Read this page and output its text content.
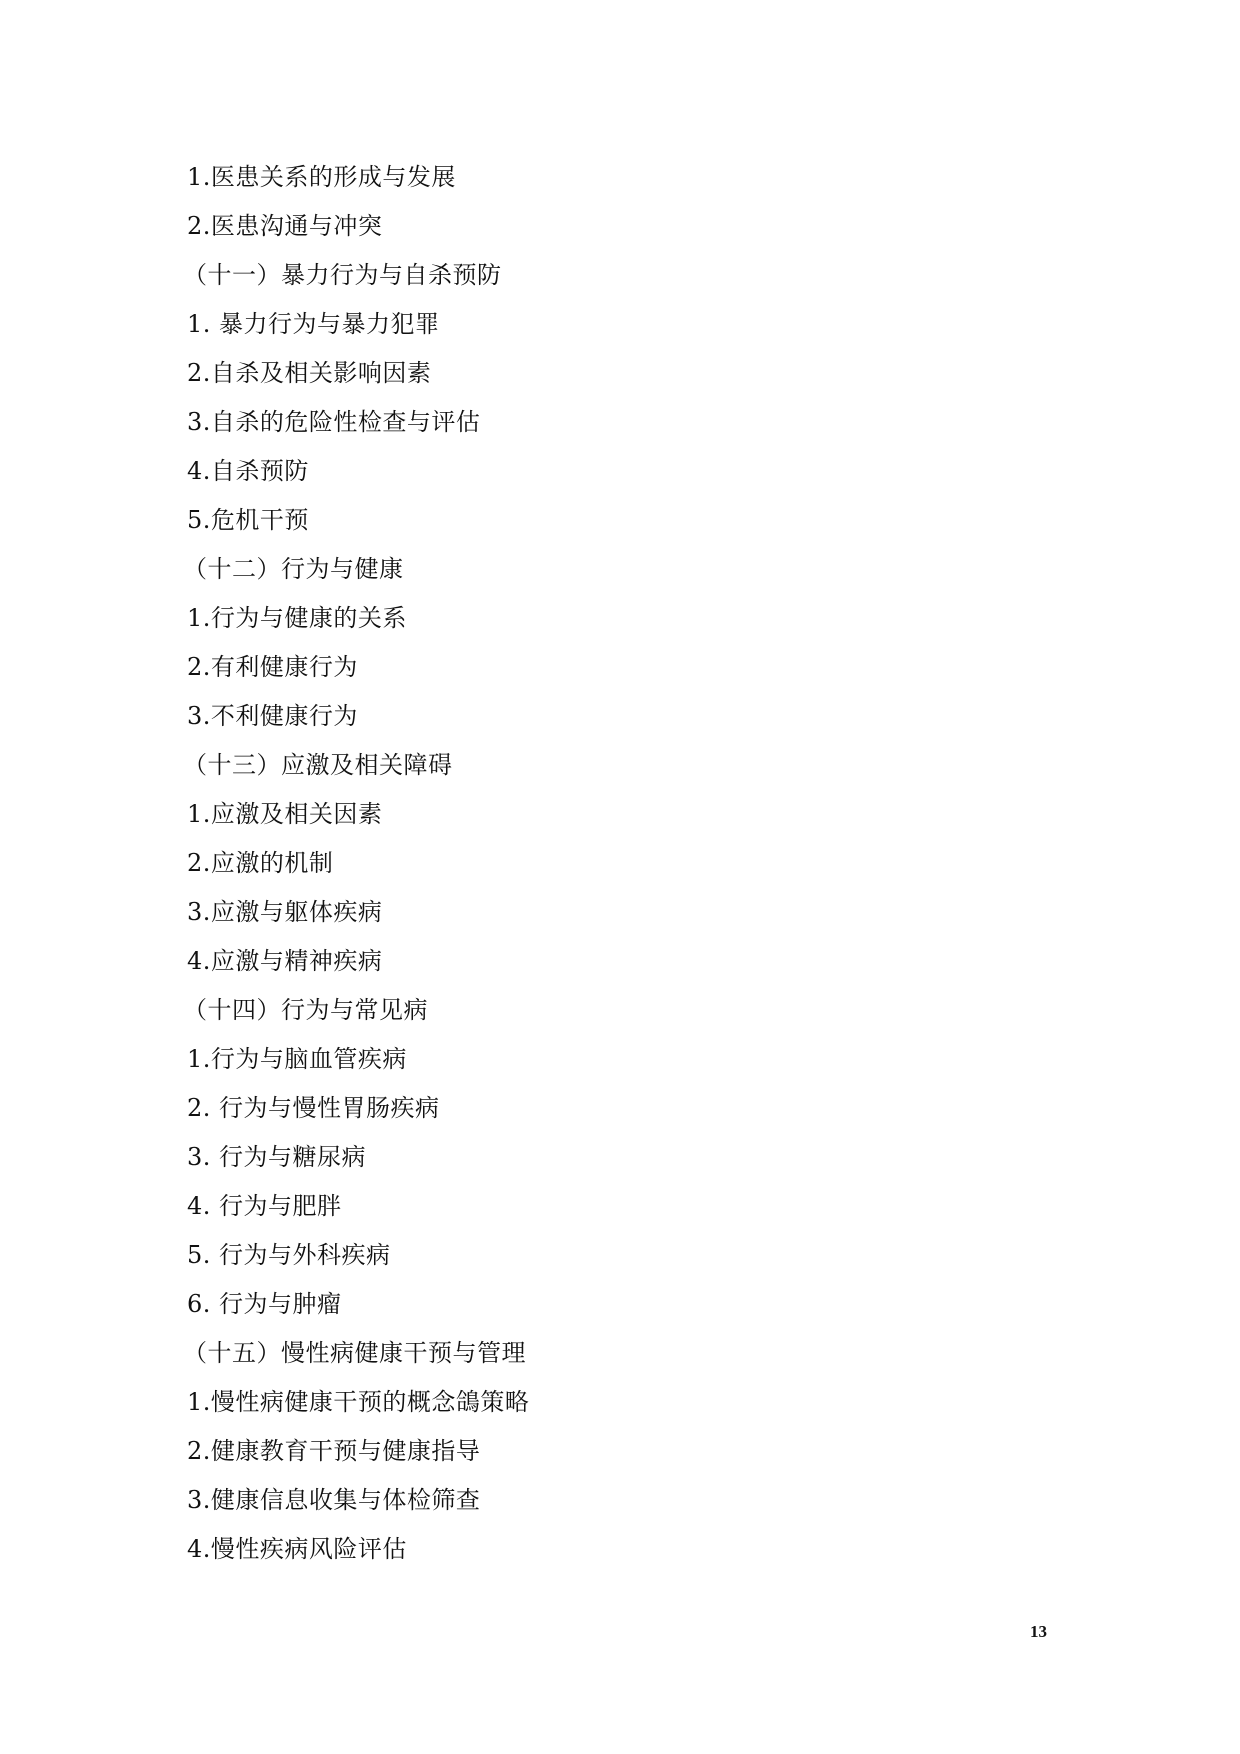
1.医患关系的形成与发展
2.医患沟通与冲突
（十一）暴力行为与自杀预防
1. 暴力行为与暴力犯罪
2.自杀及相关影响因素
3.自杀的危险性检查与评估
4.自杀预防
5.危机干预
（十二）行为与健康
1.行为与健康的关系
2.有利健康行为
3.不利健康行为
（十三）应激及相关障碍
1.应激及相关因素
2.应激的机制
3.应激与躯体疾病
4.应激与精神疾病
（十四）行为与常见病
1.行为与脑血管疾病
2. 行为与慢性胃肠疾病
3. 行为与糖尿病
4. 行为与肥胖
5. 行为与外科疾病
6. 行为与肿瘤
（十五）慢性病健康干预与管理
1.慢性病健康干预的概念鴿策略
2.健康教育干预与健康指导
3.健康信息收集与体检筛查
4.慢性疾病风险评估
13
